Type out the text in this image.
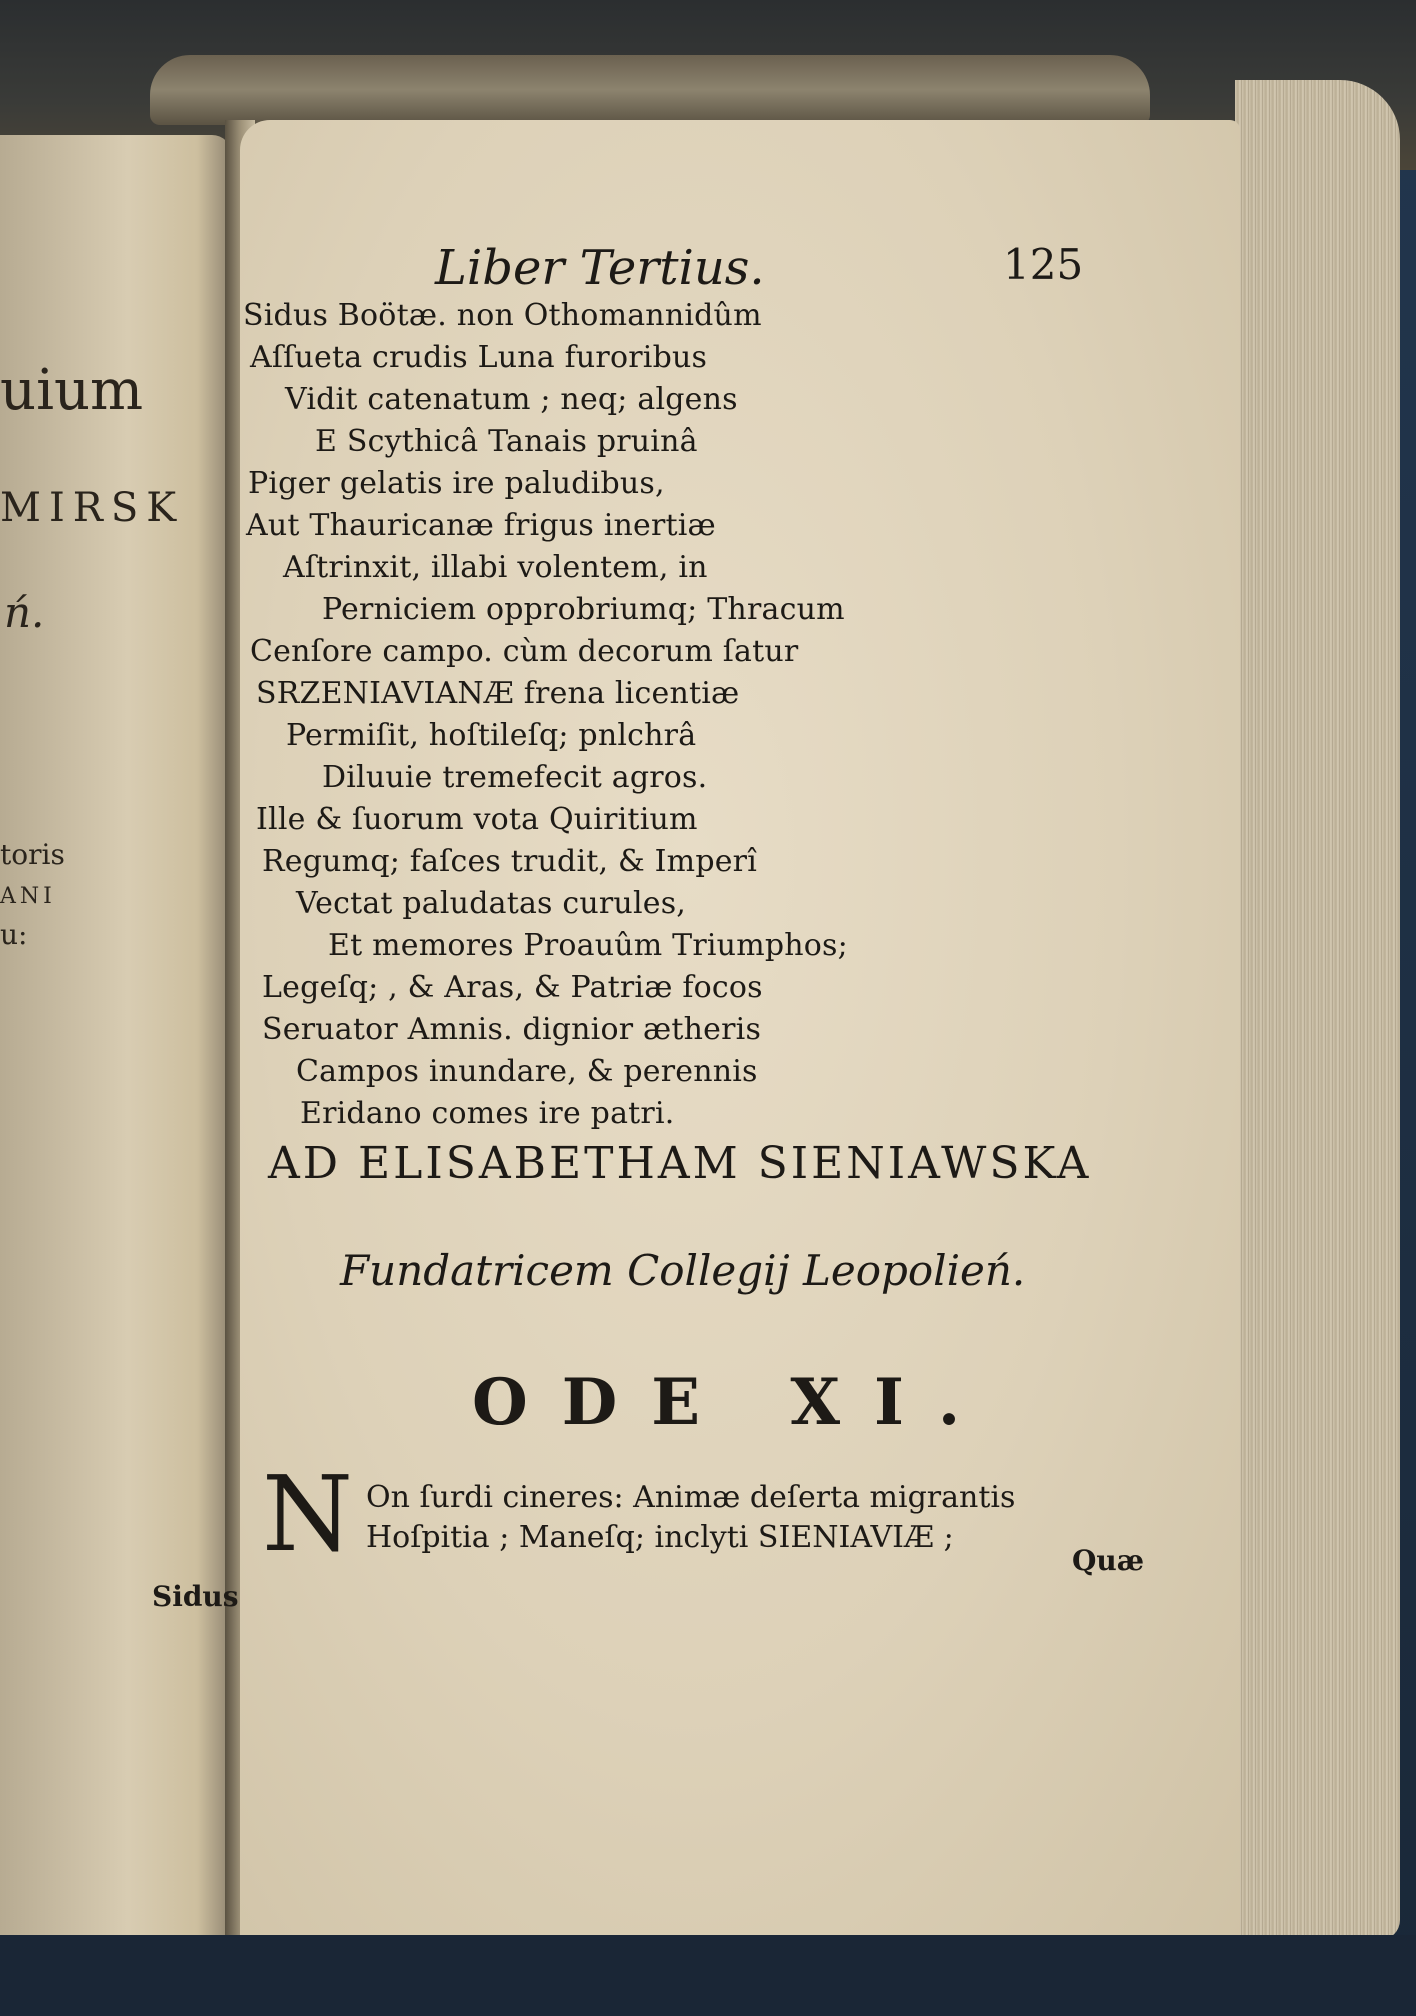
uium
MIRSK
ń.
toris
ANI
u:
Sidus
Liber Tertius.	125
Sidus Boötæ. non Othomannidûm
Aſſueta crudis Luna furoribus
Vidit catenatum ; neq; algens
E Scythicâ Tanais pruinâ
Piger gelatis ire paludibus,
Aut Thauricanæ frigus inertiæ
Aſtrinxit, illabi volentem, in
Perniciem opprobriumq; Thracum
Cenſore campo. cùm decorum ſatur
SRZENIAVIANÆ frena licentiæ
Permiſit, hoſtileſq; pnlchrâ
Diluuie tremefecit agros.
Ille & ſuorum vota Quiritium
Regumq; faſces trudit, & Imperî
Vectat paludatas curules,
Et memores Proauûm Triumphos;
Legeſq; , & Aras, & Patriæ focos
Seruator Amnis. dignior ætheris
Campos inundare, & perennis
Eridano comes ire patri.
AD ELISABETHAM SIENIAWSKA
Fundatricem Collegij Leopolień.
ODE XI.
N On ſurdi cineres: Animæ deſerta migrantis
Hoſpitia ; Maneſq; inclyti SIENIAVIÆ ;
Quæ
